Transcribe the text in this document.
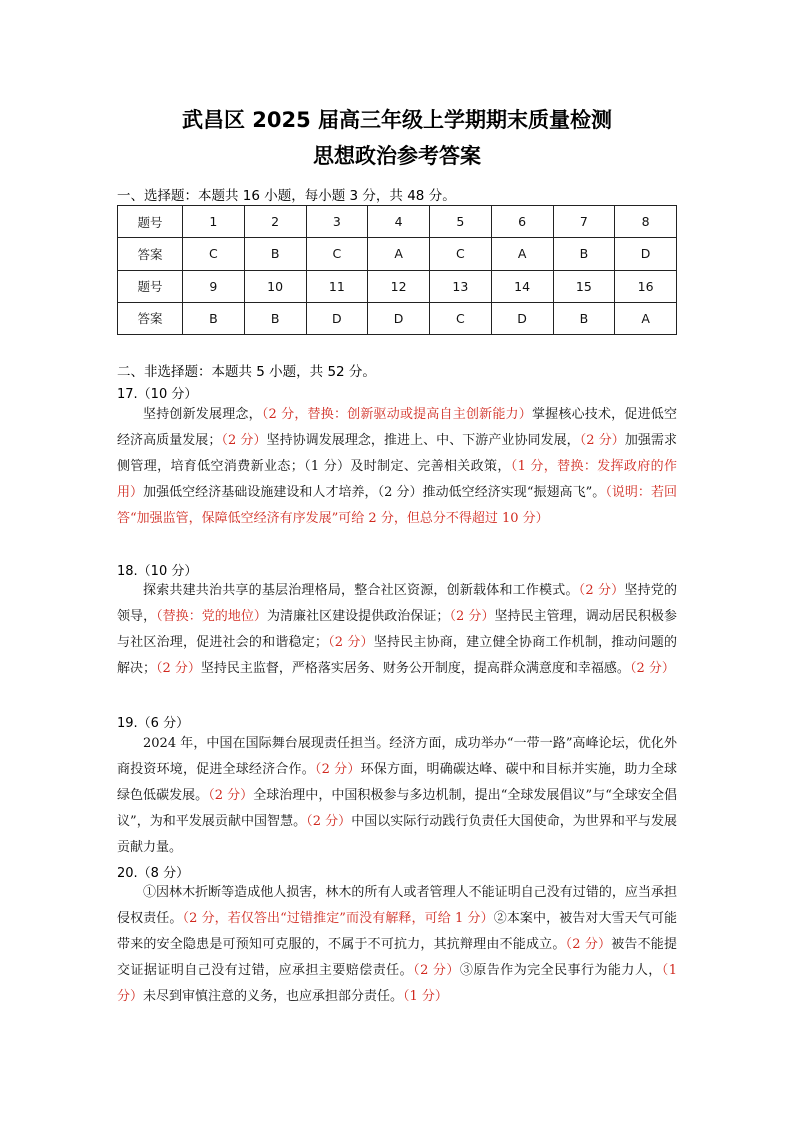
武昌区 2025 届高三年级上学期期末质量检测
思想政治参考答案
一、选择题：本题共 16 小题，每小题 3 分，共 48 分。
题号	1	2	3	4	5	6	7	8
答案	C	B	C	A	C	A	B	D
题号	9	10	11	12	13	14	15	16
答案	B	B	D	D	C	D	B	A
二、非选择题：本题共 5 小题，共 52 分。
17.（10 分）
坚持创新发展理念，（2 分，替换：创新驱动或提高自主创新能力）掌握核心技术，促进低空经济高质量发展；（2 分）坚持协调发展理念，推进上、中、下游产业协同发展，（2 分）加强需求侧管理，培育低空消费新业态；（1 分）及时制定、完善相关政策，（1 分，替换：发挥政府的作用）加强低空经济基础设施建设和人才培养，（2 分）推动低空经济实现“振翅高飞”。（说明：若回答“加强监管，保障低空经济有序发展”可给 2 分，但总分不得超过 10 分）
18.（10 分）
探索共建共治共享的基层治理格局，整合社区资源，创新载体和工作模式。（2 分）坚持党的领导，（替换：党的地位）为清廉社区建设提供政治保证；（2 分）坚持民主管理，调动居民积极参与社区治理，促进社会的和谐稳定；（2 分）坚持民主协商，建立健全协商工作机制，推动问题的解决；（2 分）坚持民主监督，严格落实居务、财务公开制度，提高群众满意度和幸福感。（2 分）
19.（6 分）
2024 年，中国在国际舞台展现责任担当。经济方面，成功举办“一带一路”高峰论坛，优化外商投资环境，促进全球经济合作。（2 分）环保方面，明确碳达峰、碳中和目标并实施，助力全球绿色低碳发展。（2 分）全球治理中，中国积极参与多边机制，提出“全球发展倡议”与“全球安全倡议”，为和平发展贡献中国智慧。（2 分）中国以实际行动践行负责任大国使命，为世界和平与发展贡献力量。
20.（8 分）
①因林木折断等造成他人损害，林木的所有人或者管理人不能证明自己没有过错的，应当承担侵权责任。（2 分，若仅答出“过错推定”而没有解释，可给 1 分）②本案中，被告对大雪天气可能带来的安全隐患是可预知可克服的，不属于不可抗力，其抗辩理由不能成立。（2 分）被告不能提交证据证明自己没有过错，应承担主要赔偿责任。（2 分）③原告作为完全民事行为能力人，（1 分）未尽到审慎注意的义务，也应承担部分责任。（1 分）
